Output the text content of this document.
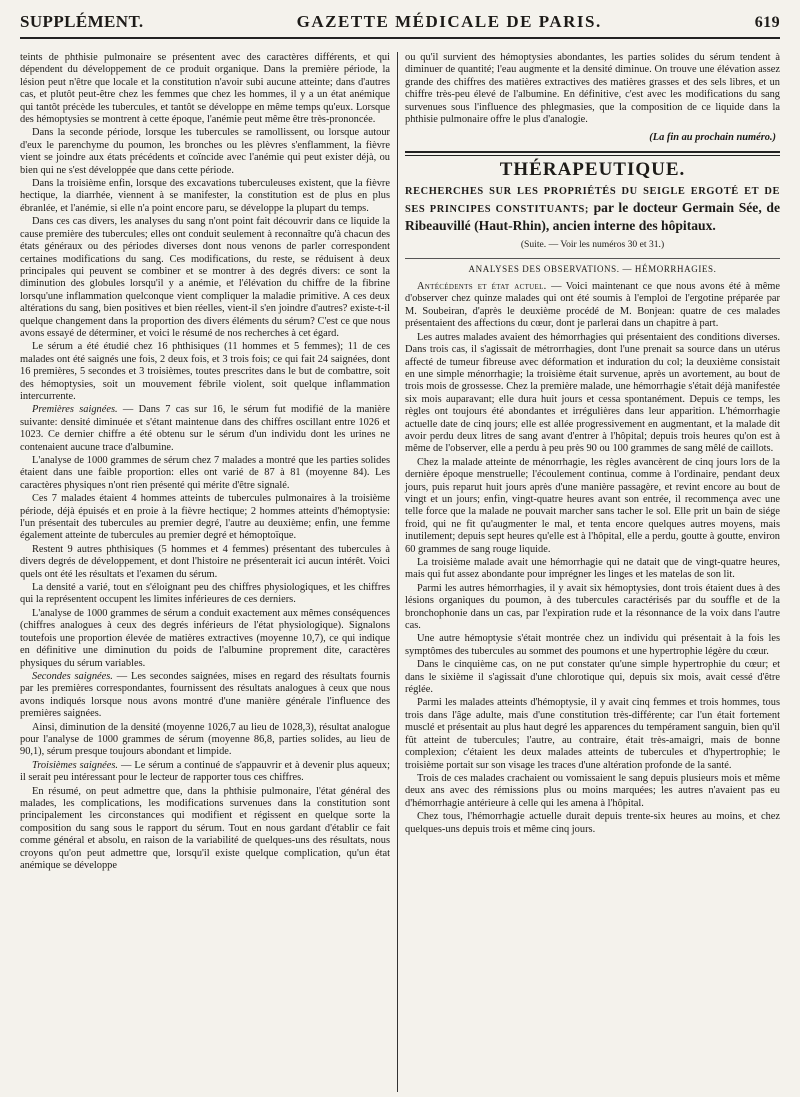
SUPPLÉMENT.	GAZETTE MÉDICALE DE PARIS.	619

teints de phthisie pulmonaire se présentent avec des caractères différents, et qui dépendent du développement de ce produit organique. Dans la première période, la lésion peut n'être que locale et la constitution n'avoir subi aucune atteinte; dans d'autres cas, et plutôt peut-être chez les femmes que chez les hommes, il y a un état anémique qui tantôt précède les tubercules, et tantôt se développe en même temps qu'eux. Lorsque des hémoptysies se montrent à cette époque, l'anémie peut même être très-prononcée.

Dans la seconde période, lorsque les tubercules se ramollissent, ou lorsque autour d'eux le parenchyme du poumon, les bronches ou les plèvres s'enflamment, la fièvre vient se joindre aux états précédents et coïncide avec l'anémie qui peut exister déjà, ou bien qui ne s'est développée que dans cette période.

Dans la troisième enfin, lorsque des excavations tuberculeuses existent, que la fièvre hectique, la diarrhée, viennent à se manifester, la constitution est de plus en plus ébranlée, et l'anémie, si elle n'a point encore paru, se développe la plupart du temps.

Dans ces cas divers, les analyses du sang n'ont point fait découvrir dans ce liquide la cause première des tubercules; elles ont conduit seulement à reconnaître qu'à chacun des états généraux ou des périodes diverses dont nous venons de parler correspondent certaines modifications du sang. Ces modifications, du reste, se réduisent à deux principales qui peuvent se combiner et se montrer à des degrés divers: ce sont la diminution des globules lorsqu'il y a anémie, et l'élévation du chiffre de la fibrine lorsqu'une inflammation quelconque vient compliquer la maladie primitive. A ces deux altérations du sang, bien positives et bien réelles, vient-il s'en joindre d'autres? existe-t-il quelque changement dans la proportion des divers éléments du sérum? C'est ce que nous avons essayé de déterminer, et voici le résumé de nos recherches à cet égard.

Le sérum a été étudié chez 16 phthisiques (11 hommes et 5 femmes); 11 de ces malades ont été saignés une fois, 2 deux fois, et 3 trois fois; ce qui fait 24 saignées, dont 16 premières, 5 secondes et 3 troisièmes, toutes prescrites dans le but de combattre, soit des hémoptysies, soit un mouvement fébrile violent, soit quelque inflammation intercurrente.

Premières saignées. — Dans 7 cas sur 16, le sérum fut modifié de la manière suivante: densité diminuée et s'étant maintenue dans des chiffres oscillant entre 1026 et 1023. Ce dernier chiffre a été obtenu sur le sérum d'un individu dont les urines ne contenaient aucune trace d'albumine.

L'analyse de 1000 grammes de sérum chez 7 malades a montré que les parties solides étaient dans une faible proportion: elles ont varié de 87 à 81 (moyenne 84). Les caractères physiques n'ont rien présenté qui mérite d'être signalé.

Ces 7 malades étaient 4 hommes atteints de tubercules pulmonaires à la troisième période, déjà épuisés et en proie à la fièvre hectique; 2 hommes atteints d'hémoptysie: l'un présentait des tubercules au premier degré, l'autre au deuxième; enfin, une femme également atteinte de tubercules au premier degré et hémoptoïque.

Restent 9 autres phthisiques (5 hommes et 4 femmes) présentant des tubercules à divers degrés de développement, et dont l'histoire ne présenterait ici aucun intérêt. Voici quels ont été les résultats et l'examen du sérum.

La densité a varié, tout en s'éloignant peu des chiffres physiologiques, et les chiffres qui la représentent occupent les limites inférieures de ces derniers.

L'analyse de 1000 grammes de sérum a conduit exactement aux mêmes conséquences (chiffres analogues à ceux des degrés inférieurs de l'état physiologique). Signalons toutefois une proportion élevée de matières extractives (moyenne 10,7), ce qui indique en définitive une diminution du poids de l'albumine proprement dite, caractères physiques du sérum variables.

Secondes saignées. — Les secondes saignées, mises en regard des résultats fournis par les premières correspondantes, fournissent des résultats analogues à ceux que nous avons indiqués lorsque nous avons montré d'une manière générale l'influence des premières saignées.

Ainsi, diminution de la densité (moyenne 1026,7 au lieu de 1028,3), résultat analogue pour l'analyse de 1000 grammes de sérum (moyenne 86,8, parties solides, au lieu de 90,1), sérum presque toujours abondant et limpide.

Troisièmes saignées. — Le sérum a continué de s'appauvrir et à devenir plus aqueux; il serait peu intéressant pour le lecteur de rapporter tous ces chiffres.

En résumé, on peut admettre que, dans la phthisie pulmonaire, l'état général des malades, les complications, les modifications survenues dans la constitution sont principalement les circonstances qui modifient et régissent en quelque sorte la composition du sang sous le rapport du sérum. Tout en nous gardant d'établir ce fait comme général et absolu, en raison de la variabilité de quelques-uns des résultats, nous croyons qu'on peut admettre que, lorsqu'il existe quelque complication, qu'un état anémique se développe

ou qu'il survient des hémoptysies abondantes, les parties solides du sérum tendent à diminuer de quantité; l'eau augmente et la densité diminue. On trouve une élévation assez grande des chiffres des matières extractives des matières grasses et des sels libres, et un chiffre très-peu élevé de l'albumine. En définitive, c'est avec les modifications du sang survenues sous l'influence des phlegmasies, que la composition de ce liquide dans la phthisie pulmonaire offre le plus d'analogie.

(La fin au prochain numéro.)

THÉRAPEUTIQUE.

RECHERCHES SUR LES PROPRIÉTÉS DU SEIGLE ERGOTÉ ET DE SES PRINCIPES CONSTITUANTS; par le docteur Germain Sée, de Ribeauvillé (Haut-Rhin), ancien interne des hôpitaux.

(Suite. — Voir les numéros 30 et 31.)

ANALYSES DES OBSERVATIONS. — HÉMORRHAGIES.

Antécédents et état actuel. — Voici maintenant ce que nous avons été à même d'observer chez quinze malades qui ont été soumis à l'emploi de l'ergotine préparée par M. Soubeiran, d'après le deuxième procédé de M. Bonjean: quatre de ces malades présentaient des affections du cœur, dont je parlerai dans un chapitre à part.

Les autres malades avaient des hémorrhagies qui présentaient des conditions diverses. Dans trois cas, il s'agissait de métrorrhagies, dont l'une prenait sa source dans un utérus affecté de tumeur fibreuse avec déformation et induration du col; la deuxième consistait en une simple ménorrhagie; la troisième était survenue, après un avortement, au bout de trois mois de grossesse. Chez la première malade, une hémorrhagie s'était déjà manifestée six mois auparavant; elle dura huit jours et cessa spontanément. Depuis ce temps, les règles ont toujours été abondantes et irrégulières dans leur apparition. L'hémorrhagie actuelle date de cinq jours; elle est allée progressivement en augmentant, et la malade dit avoir perdu deux litres de sang avant d'entrer à l'hôpital; depuis trois heures qu'on est à même de l'observer, elle a perdu à peu près 90 ou 100 grammes de sang mêlé de caillots.

Chez la malade atteinte de ménorrhagie, les règles avancèrent de cinq jours lors de la dernière époque menstruelle; l'écoulement continua, comme à l'ordinaire, pendant deux jours, puis reparut huit jours après d'une manière passagère, et revint encore au bout de vingt et un jours; enfin, vingt-quatre heures avant son entrée, il recommença avec une telle force que la malade ne pouvait marcher sans tacher le sol. Elle prit un bain de siége froid, qui ne fit qu'augmenter le mal, et tenta encore quelques autres moyens, mais inutilement; depuis sept heures qu'elle est à l'hôpital, elle a perdu, goutte à goutte, environ 60 grammes de sang rouge liquide.

La troisième malade avait une hémorrhagie qui ne datait que de vingt-quatre heures, mais qui fut assez abondante pour imprégner les linges et les matelas de son lit.

Parmi les autres hémorrhagies, il y avait six hémoptysies, dont trois étaient dues à des lésions organiques du poumon, à des tubercules caractérisés par du souffle et de la bronchophonie dans un cas, par l'expiration rude et la résonnance de la voix dans l'autre cas.

Une autre hémoptysie s'était montrée chez un individu qui présentait à la fois les symptômes des tubercules au sommet des poumons et une hypertrophie légère du cœur.

Dans le cinquième cas, on ne put constater qu'une simple hypertrophie du cœur; et dans le sixième il s'agissait d'une chlorotique qui, depuis six mois, avait cessé d'être réglée.

Parmi les malades atteints d'hémoptysie, il y avait cinq femmes et trois hommes, tous trois dans l'âge adulte, mais d'une constitution très-différente; car l'un était fortement musclé et présentait au plus haut degré les apparences du tempérament sanguin, bien qu'il fût atteint de tubercules; l'autre, au contraire, était très-amaigri, mais de bonne complexion; c'étaient les deux malades atteints de tubercules et d'hypertrophie; le troisième portait sur son visage les traces d'une altération profonde de la santé.

Trois de ces malades crachaient ou vomissaient le sang depuis plusieurs mois et même deux ans avec des rémissions plus ou moins marquées; les autres n'avaient pas eu d'hémorrhagie antérieure à celle qui les amena à l'hôpital.

Chez tous, l'hémorrhagie actuelle durait depuis trente-six heures au moins, et chez quelques-uns depuis trois et même cinq jours.
